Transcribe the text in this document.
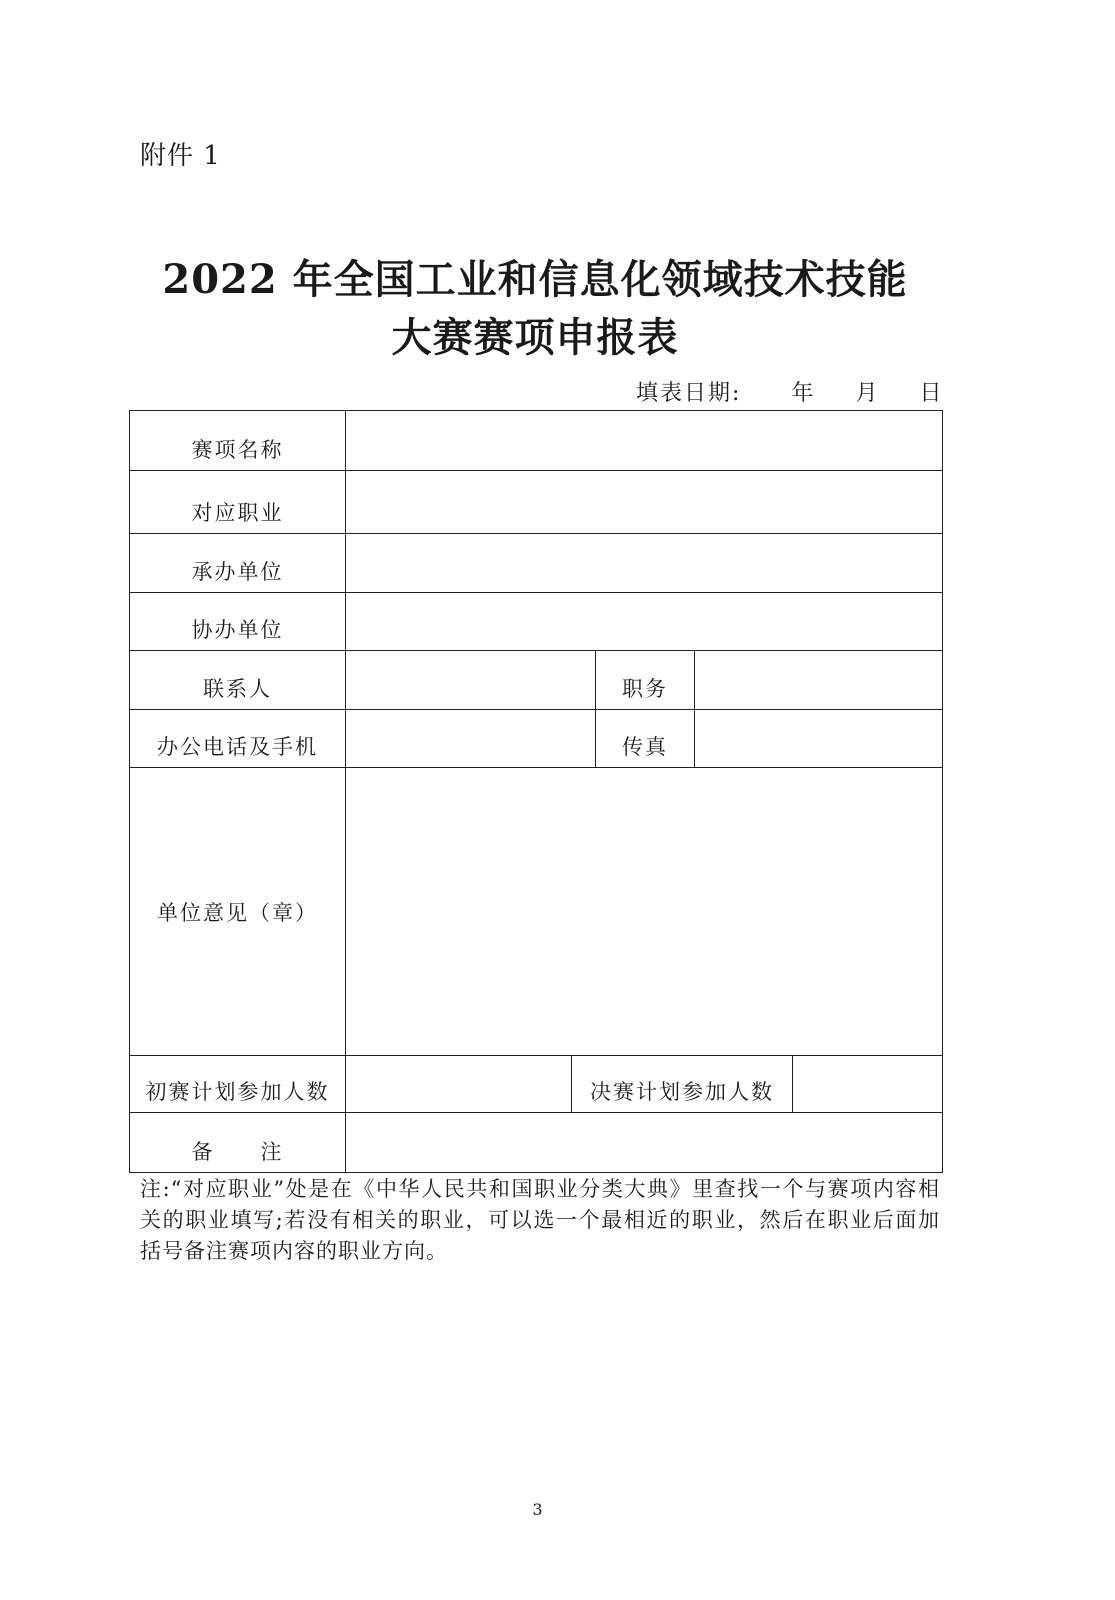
附件 1
2022 年全国工业和信息化领域技术技能
大赛赛项申报表
填表日期: 年 月 日
赛项名称					
对应职业					
承办单位					
协办单位					
联系人			职务		
办公电话及手机			传真		
单位意见（章）					
初赛计划参加人数		决赛计划参加人数			
备　　注					
注:“对应职业”处是在《中华人民共和国职业分类大典》里查找一个与赛项内容相关的职业填写;若没有相关的职业，可以选一个最相近的职业，然后在职业后面加括号备注赛项内容的职业方向。
3
